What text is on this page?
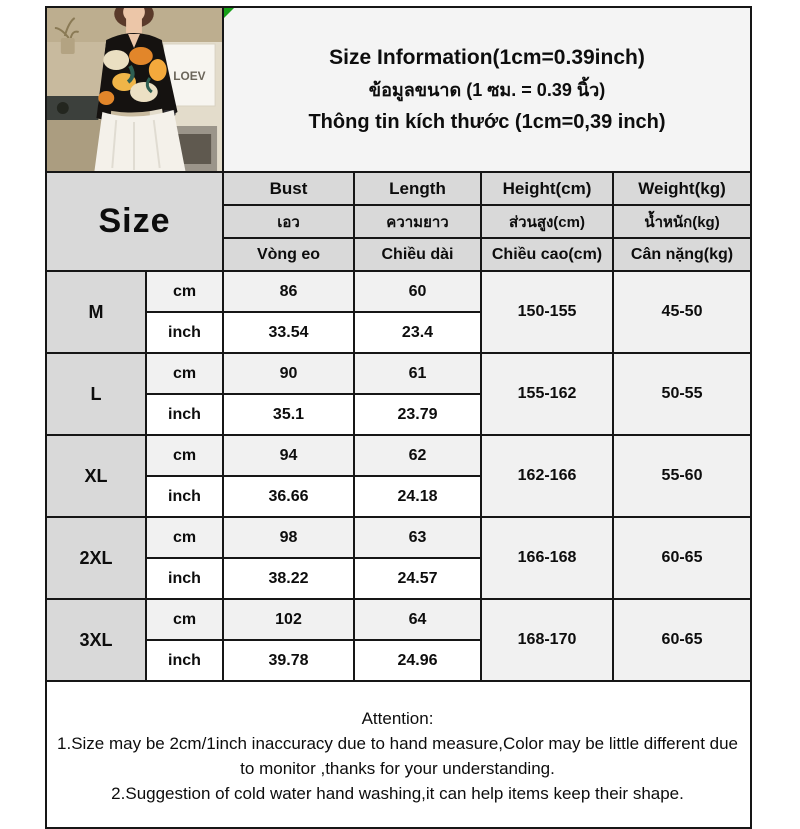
LOEV		Size Information(1cm=0.39inch)
ข้อมูลขนาด (1 ซม. = 0.39 นิ้ว)
Thông tin kích thước (1cm=0,39 inch)			

Size		Bust	Length	Height(cm)	Weight(kg)
		เอว	ความยาว	ส่วนสูง(cm)	น้ำหนัก(kg)
		Vòng eo	Chiều dài	Chiều cao(cm)	Cân nặng(kg)
M	cm	86	60	150-155	45-50
	inch	33.54	23.4		
L	cm	90	61	155-162	50-55
	inch	35.1	23.79		
XL	cm	94	62	162-166	55-60
	inch	36.66	24.18		
2XL	cm	98	63	166-168	60-65
	inch	38.22	24.57		
3XL	cm	102	64	168-170	60-65
	inch	39.78	24.96		

Attention:
1.Size may be 2cm/1inch inaccuracy due to hand measure,Color may be little different due to monitor ,thanks for your understanding.
2.Suggestion of cold water hand washing,it can help items keep their shape.					
